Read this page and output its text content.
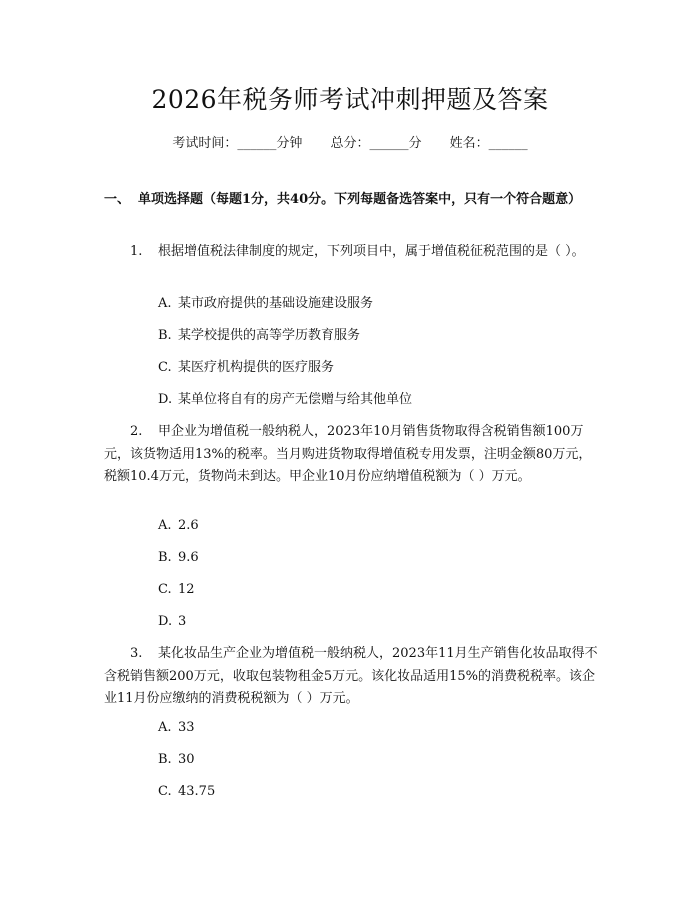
2026年税务师考试冲刺押题及答案
考试时间：______分钟 总分：______分 姓名：______
一、 单项选择题（每题1分，共40分。下列每题备选答案中，只有一个符合题意）
1. 根据增值税法律制度的规定，下列项目中，属于增值税征税范围的是（ ）。
A. 某市政府提供的基础设施建设服务
B. 某学校提供的高等学历教育服务
C. 某医疗机构提供的医疗服务
D. 某单位将自有的房产无偿赠与给其他单位
2. 甲企业为增值税一般纳税人，2023年10月销售货物取得含税销售额100万元，该货物适用13%的税率。当月购进货物取得增值税专用发票，注明金额80万元，税额10.4万元，货物尚未到达。甲企业10月份应纳增值税额为（ ）万元。
A. 2.6
B. 9.6
C. 12
D. 3
3. 某化妆品生产企业为增值税一般纳税人，2023年11月生产销售化妆品取得不含税销售额200万元，收取包装物租金5万元。该化妆品适用15%的消费税税率。该企业11月份应缴纳的消费税税额为（ ）万元。
A. 33
B. 30
C. 43.75
